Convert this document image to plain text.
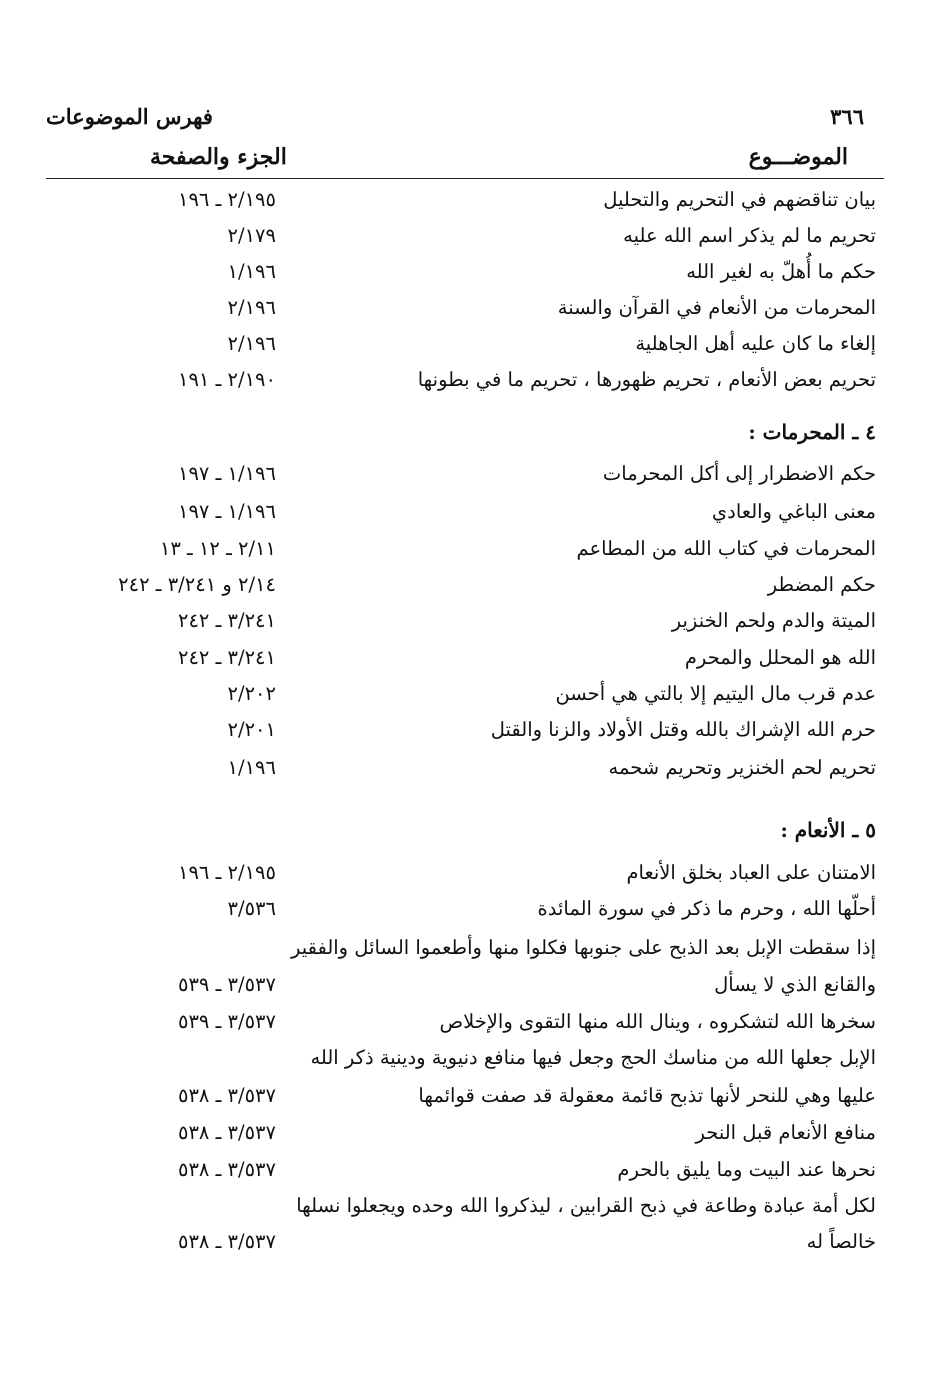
٣٦٦
فهرس الموضوعات
الموضـــوع
الجزء والصفحة
بيان تناقضهم في التحريم والتحليل
٢/١٩٥ ـ ١٩٦
تحريم ما لم يذكر اسم الله عليه
٢/١٧٩
حكم ما أُهلّ به لغير الله
١/١٩٦
المحرمات من الأنعام في القرآن والسنة
٢/١٩٦
إلغاء ما كان عليه أهل الجاهلية
٢/١٩٦
تحريم بعض الأنعام ، تحريم ظهورها ، تحريم ما في بطونها
٢/١٩٠ ـ ١٩١
٤ ـ المحرمات :
حكم الاضطرار إلى أكل المحرمات
١/١٩٦ ـ ١٩٧
معنى الباغي والعادي
١/١٩٦ ـ ١٩٧
المحرمات في كتاب الله من المطاعم
٢/١١ ـ ١٢ ـ ١٣
حكم المضطر
٢/١٤ و ٣/٢٤١ ـ ٢٤٢
الميتة والدم ولحم الخنزير
٣/٢٤١ ـ ٢٤٢
الله هو المحلل والمحرم
٣/٢٤١ ـ ٢٤٢
عدم قرب مال اليتيم إلا بالتي هي أحسن
٢/٢٠٢
حرم الله الإشراك بالله وقتل الأولاد والزنا والقتل
٢/٢٠١
تحريم لحم الخنزير وتحريم شحمه
١/١٩٦
٥ ـ الأنعام :
الامتنان على العباد بخلق الأنعام
٢/١٩٥ ـ ١٩٦
أحلّها الله ، وحرم ما ذكر في سورة المائدة
٣/٥٣٦
إذا سقطت الإبل بعد الذبح على جنوبها فكلوا منها وأطعموا السائل والفقير
والقانع الذي لا يسأل
٣/٥٣٧ ـ ٥٣٩
سخرها الله لتشكروه ، وينال الله منها التقوى والإخلاص
٣/٥٣٧ ـ ٥٣٩
الإبل جعلها الله من مناسك الحج وجعل فيها منافع دنيوية ودينية ذكر الله
عليها وهي للنحر لأنها تذبح قائمة معقولة قد صفت قوائمها
٣/٥٣٧ ـ ٥٣٨
منافع الأنعام قبل النحر
٣/٥٣٧ ـ ٥٣٨
نحرها عند البيت وما يليق بالحرم
٣/٥٣٧ ـ ٥٣٨
لكل أمة عبادة وطاعة في ذبح القرابين ، ليذكروا الله وحده ويجعلوا نسلها
خالصاً له
٣/٥٣٧ ـ ٥٣٨
